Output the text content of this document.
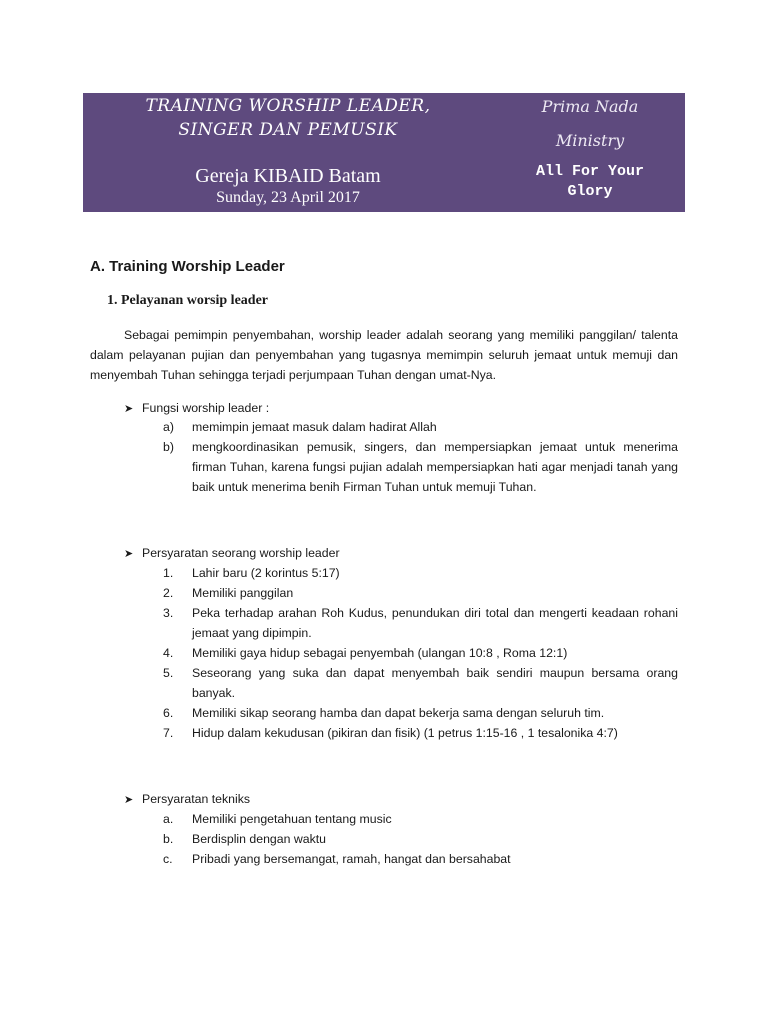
TRAINING WORSHIP LEADER,
SINGER DAN PEMUSIK
Gereja KIBAID Batam
Sunday, 23 April 2017
Prima Nada
Ministry
All For Your
Glory
A. Training Worship Leader
1. Pelayanan worsip leader
Sebagai pemimpin penyembahan, worship leader adalah seorang yang memiliki panggilan/ talenta dalam pelayanan pujian dan penyembahan yang tugasnya memimpin seluruh jemaat untuk memuji dan menyembah Tuhan sehingga terjadi perjumpaan Tuhan dengan umat-Nya.
➤ Fungsi worship leader :
a) memimpin jemaat masuk dalam hadirat Allah
b) mengkoordinasikan pemusik, singers, dan mempersiapkan jemaat untuk menerima firman Tuhan, karena fungsi pujian adalah mempersiapkan hati agar menjadi tanah yang baik untuk menerima benih Firman Tuhan untuk memuji Tuhan.
➤ Persyaratan seorang worship leader
1. Lahir baru (2 korintus 5:17)
2. Memiliki panggilan
3. Peka terhadap arahan Roh Kudus, penundukan diri total dan mengerti keadaan rohani jemaat yang dipimpin.
4. Memiliki gaya hidup sebagai penyembah (ulangan 10:8 , Roma 12:1)
5. Seseorang yang suka dan dapat menyembah baik sendiri maupun bersama orang banyak.
6. Memiliki sikap seorang hamba dan dapat bekerja sama dengan seluruh tim.
7. Hidup dalam kekudusan (pikiran dan fisik) (1 petrus 1:15-16 , 1 tesalonika 4:7)
➤ Persyaratan tekniks
a. Memiliki pengetahuan tentang music
b. Berdisplin dengan waktu
c. Pribadi yang bersemangat, ramah, hangat dan bersahabat
